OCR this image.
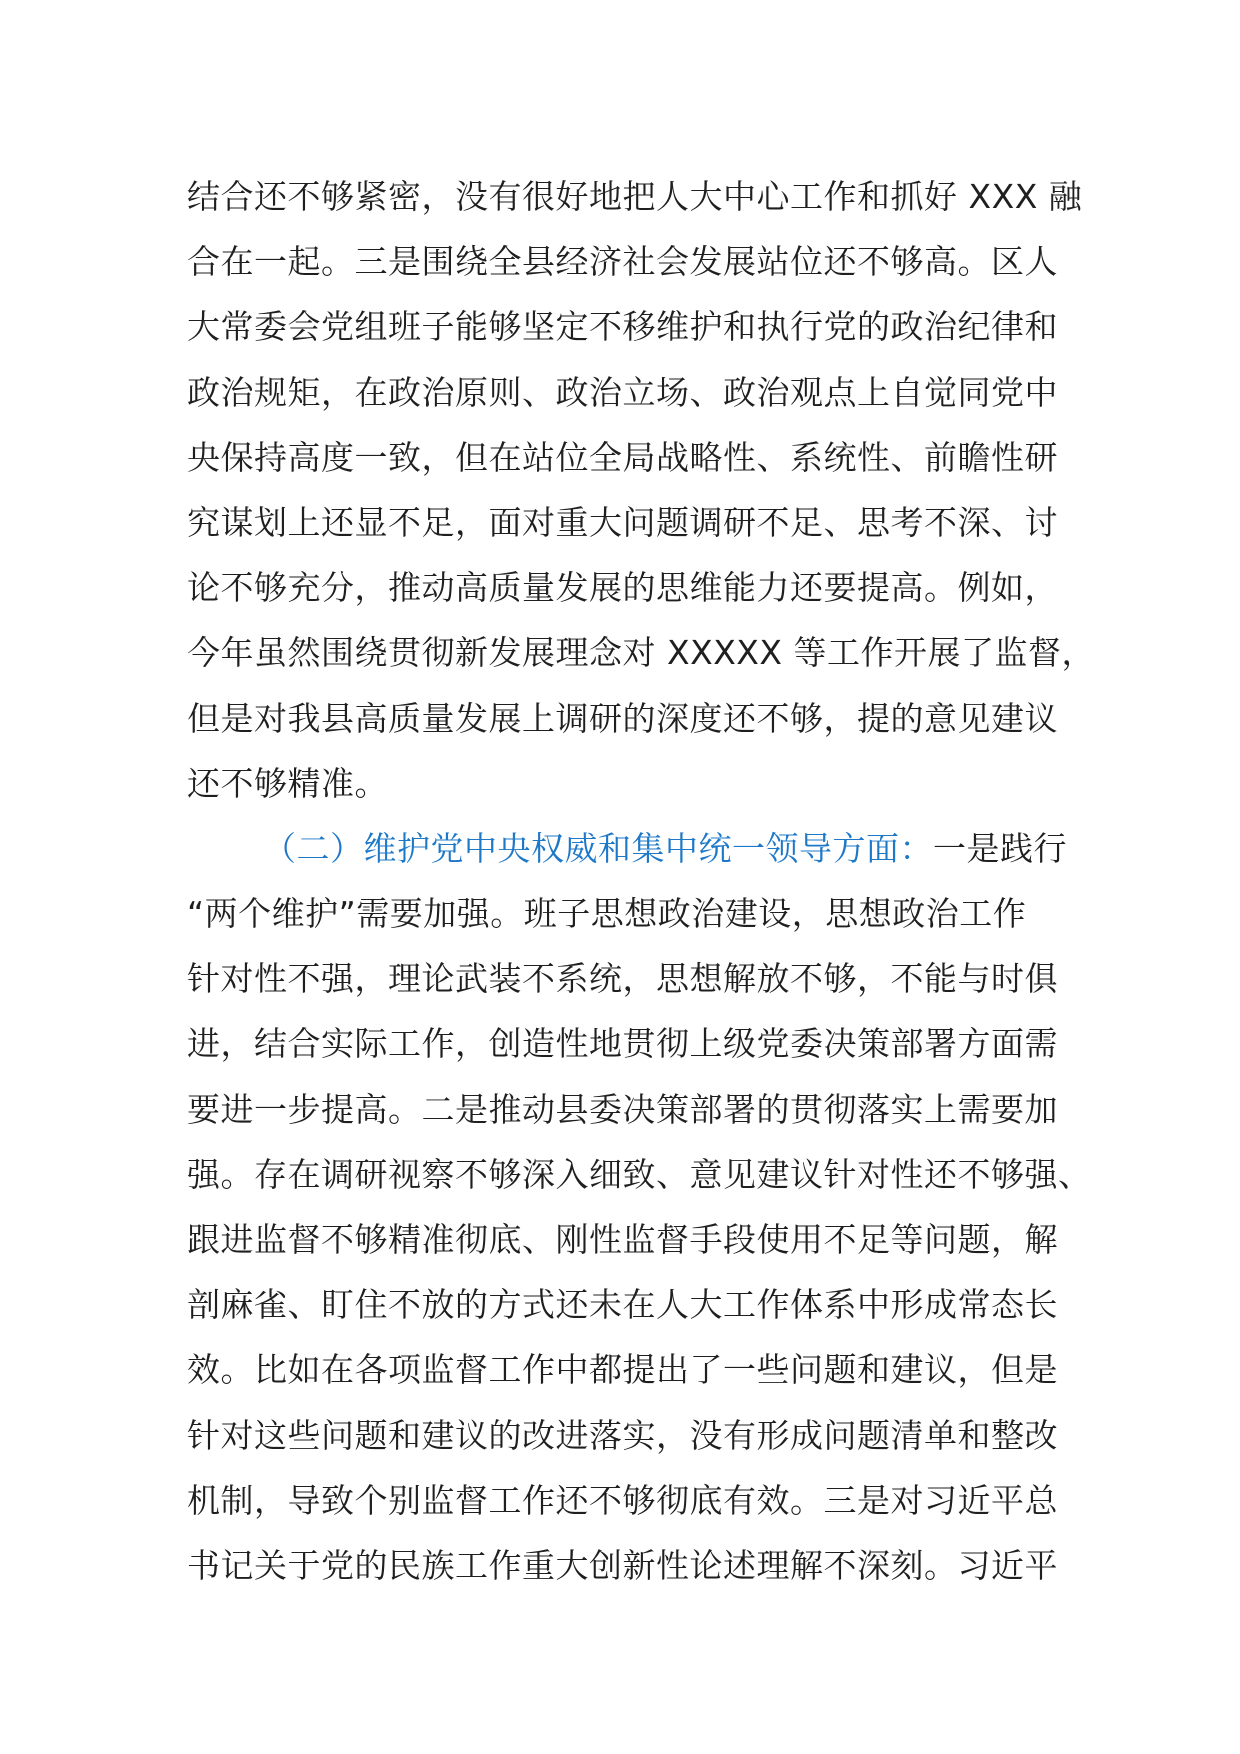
结合还不够紧密，没有很好地把人大中心工作和抓好 XXX 融
合在一起。三是围绕全县经济社会发展站位还不够高。区人
大常委会党组班子能够坚定不移维护和执行党的政治纪律和
政治规矩，在政治原则、政治立场、政治观点上自觉同党中
央保持高度一致，但在站位全局战略性、系统性、前瞻性研
究谋划上还显不足，面对重大问题调研不足、思考不深、讨
论不够充分，推动高质量发展的思维能力还要提高。例如，
今年虽然围绕贯彻新发展理念对 XXXXX 等工作开展了监督，
但是对我县高质量发展上调研的深度还不够，提的意见建议
还不够精准。
（二）维护党中央权威和集中统一领导方面：一是践行
“两个维护”需要加强。班子思想政治建设，思想政治工作
针对性不强，理论武装不系统，思想解放不够，不能与时俱
进，结合实际工作，创造性地贯彻上级党委决策部署方面需
要进一步提高。二是推动县委决策部署的贯彻落实上需要加
强。存在调研视察不够深入细致、意见建议针对性还不够强、
跟进监督不够精准彻底、刚性监督手段使用不足等问题，解
剖麻雀、盯住不放的方式还未在人大工作体系中形成常态长
效。比如在各项监督工作中都提出了一些问题和建议，但是
针对这些问题和建议的改进落实，没有形成问题清单和整改
机制，导致个别监督工作还不够彻底有效。三是对习近平总
书记关于党的民族工作重大创新性论述理解不深刻。习近平
